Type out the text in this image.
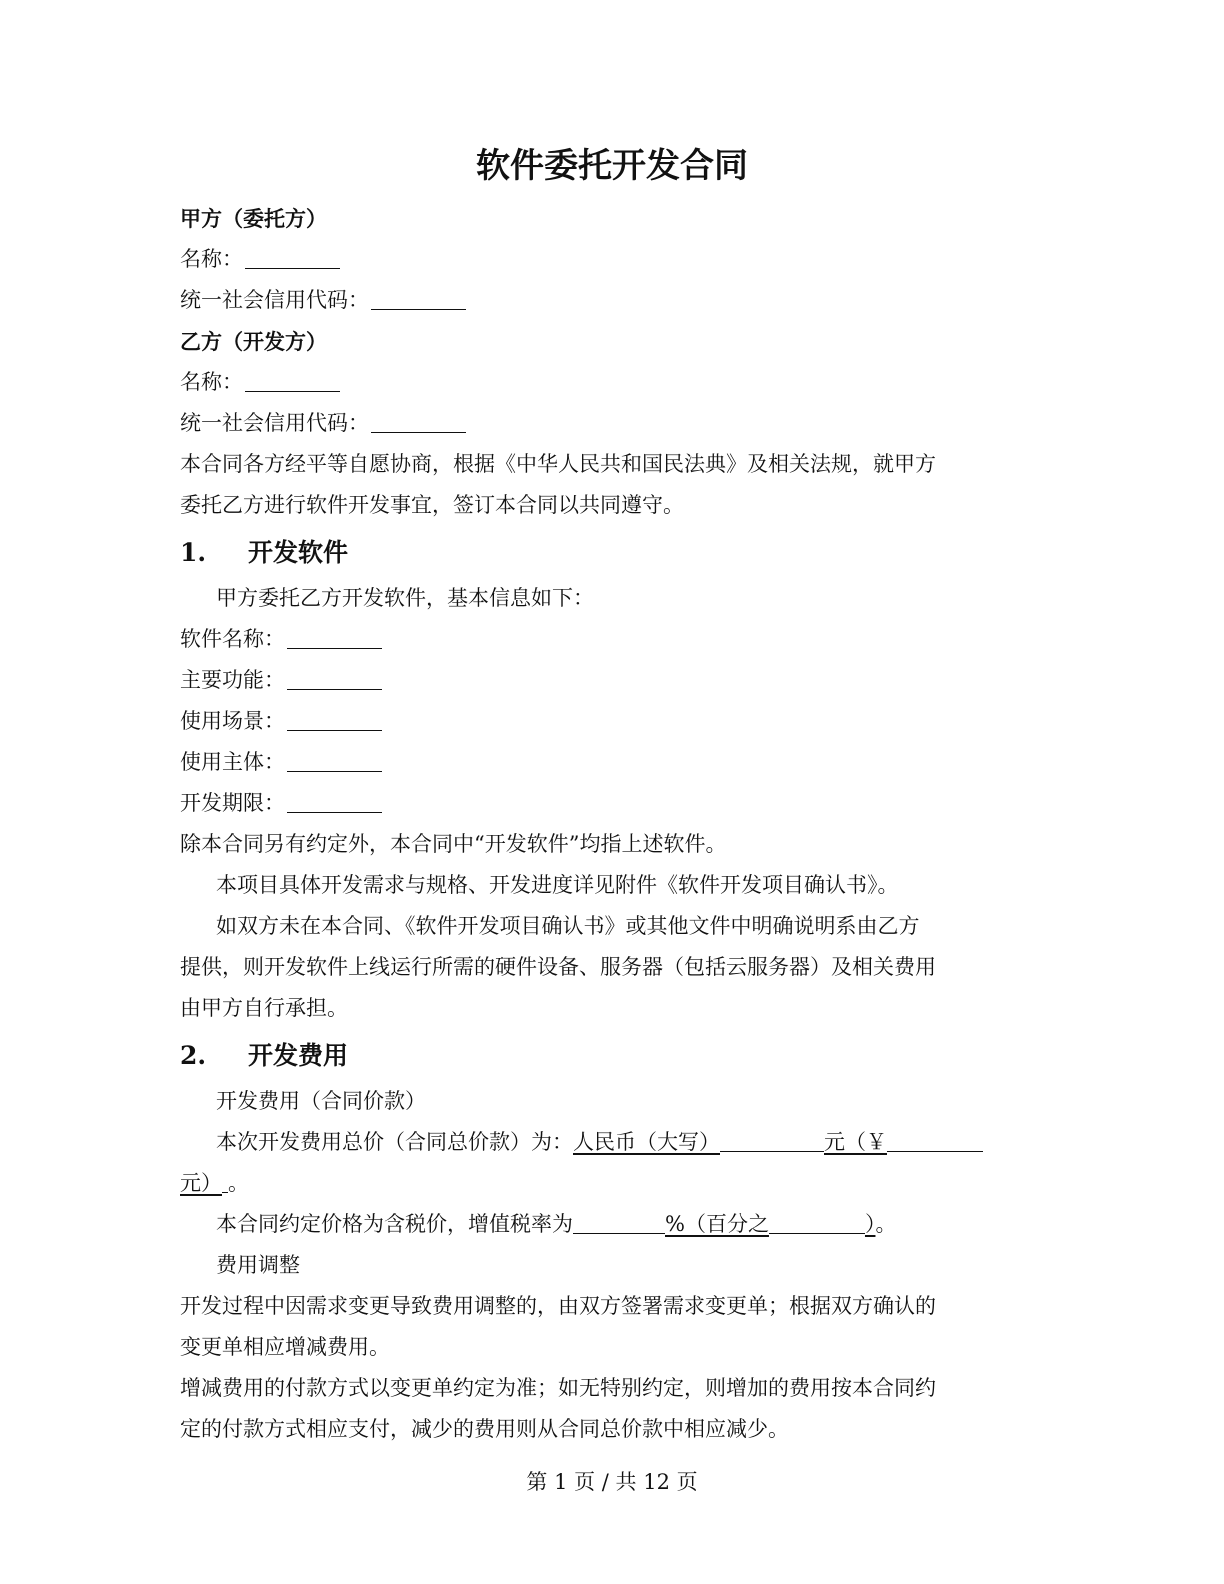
软件委托开发合同
甲方（委托方）
名称：
统一社会信用代码：
乙方（开发方）
名称：
统一社会信用代码：
本合同各方经平等自愿协商，根据《中华人民共和国民法典》及相关法规，就甲方
委托乙方进行软件开发事宜，签订本合同以共同遵守。
1. 开发软件
甲方委托乙方开发软件，基本信息如下：
软件名称：
主要功能：
使用场景：
使用主体：
开发期限：
除本合同另有约定外，本合同中“开发软件”均指上述软件。
本项目具体开发需求与规格、开发进度详见附件《软件开发项目确认书》。
如双方未在本合同、《软件开发项目确认书》或其他文件中明确说明系由乙方
提供，则开发软件上线运行所需的硬件设备、服务器（包括云服务器）及相关费用
由甲方自行承担。
2. 开发费用
开发费用（合同价款）
本次开发费用总价（合同总价款）为：人民币（大写）	元（￥
元） 。
本合同约定价格为含税价，增值税率为	%（百分之	）。
费用调整
开发过程中因需求变更导致费用调整的，由双方签署需求变更单；根据双方确认的
变更单相应增减费用。
增减费用的付款方式以变更单约定为准；如无特别约定，则增加的费用按本合同约
定的付款方式相应支付，减少的费用则从合同总价款中相应减少。
第 1 页 / 共 12 页
